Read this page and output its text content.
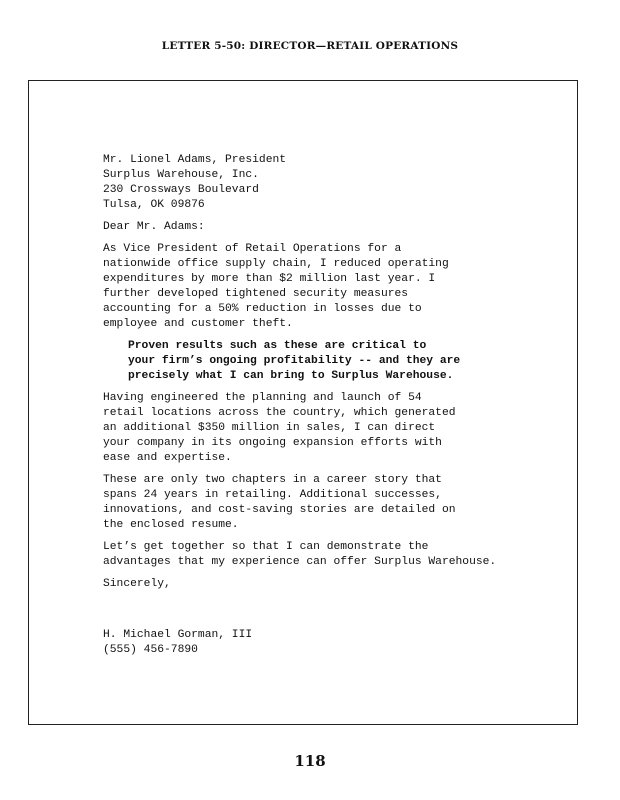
LETTER 5-50: DIRECTOR—RETAIL OPERATIONS
Mr. Lionel Adams, President
Surplus Warehouse, Inc.
230 Crossways Boulevard
Tulsa, OK 09876
Dear Mr. Adams:
As Vice President of Retail Operations for a
nationwide office supply chain, I reduced operating
expenditures by more than $2 million last year. I
further developed tightened security measures
accounting for a 50% reduction in losses due to
employee and customer theft.
Proven results such as these are critical to
your firm’s ongoing profitability -- and they are
precisely what I can bring to Surplus Warehouse.
Having engineered the planning and launch of 54
retail locations across the country, which generated
an additional $350 million in sales, I can direct
your company in its ongoing expansion efforts with
ease and expertise.
These are only two chapters in a career story that
spans 24 years in retailing. Additional successes,
innovations, and cost-saving stories are detailed on
the enclosed resume.
Let’s get together so that I can demonstrate the
advantages that my experience can offer Surplus Warehouse.
Sincerely,
H. Michael Gorman, III
(555) 456-7890
118
